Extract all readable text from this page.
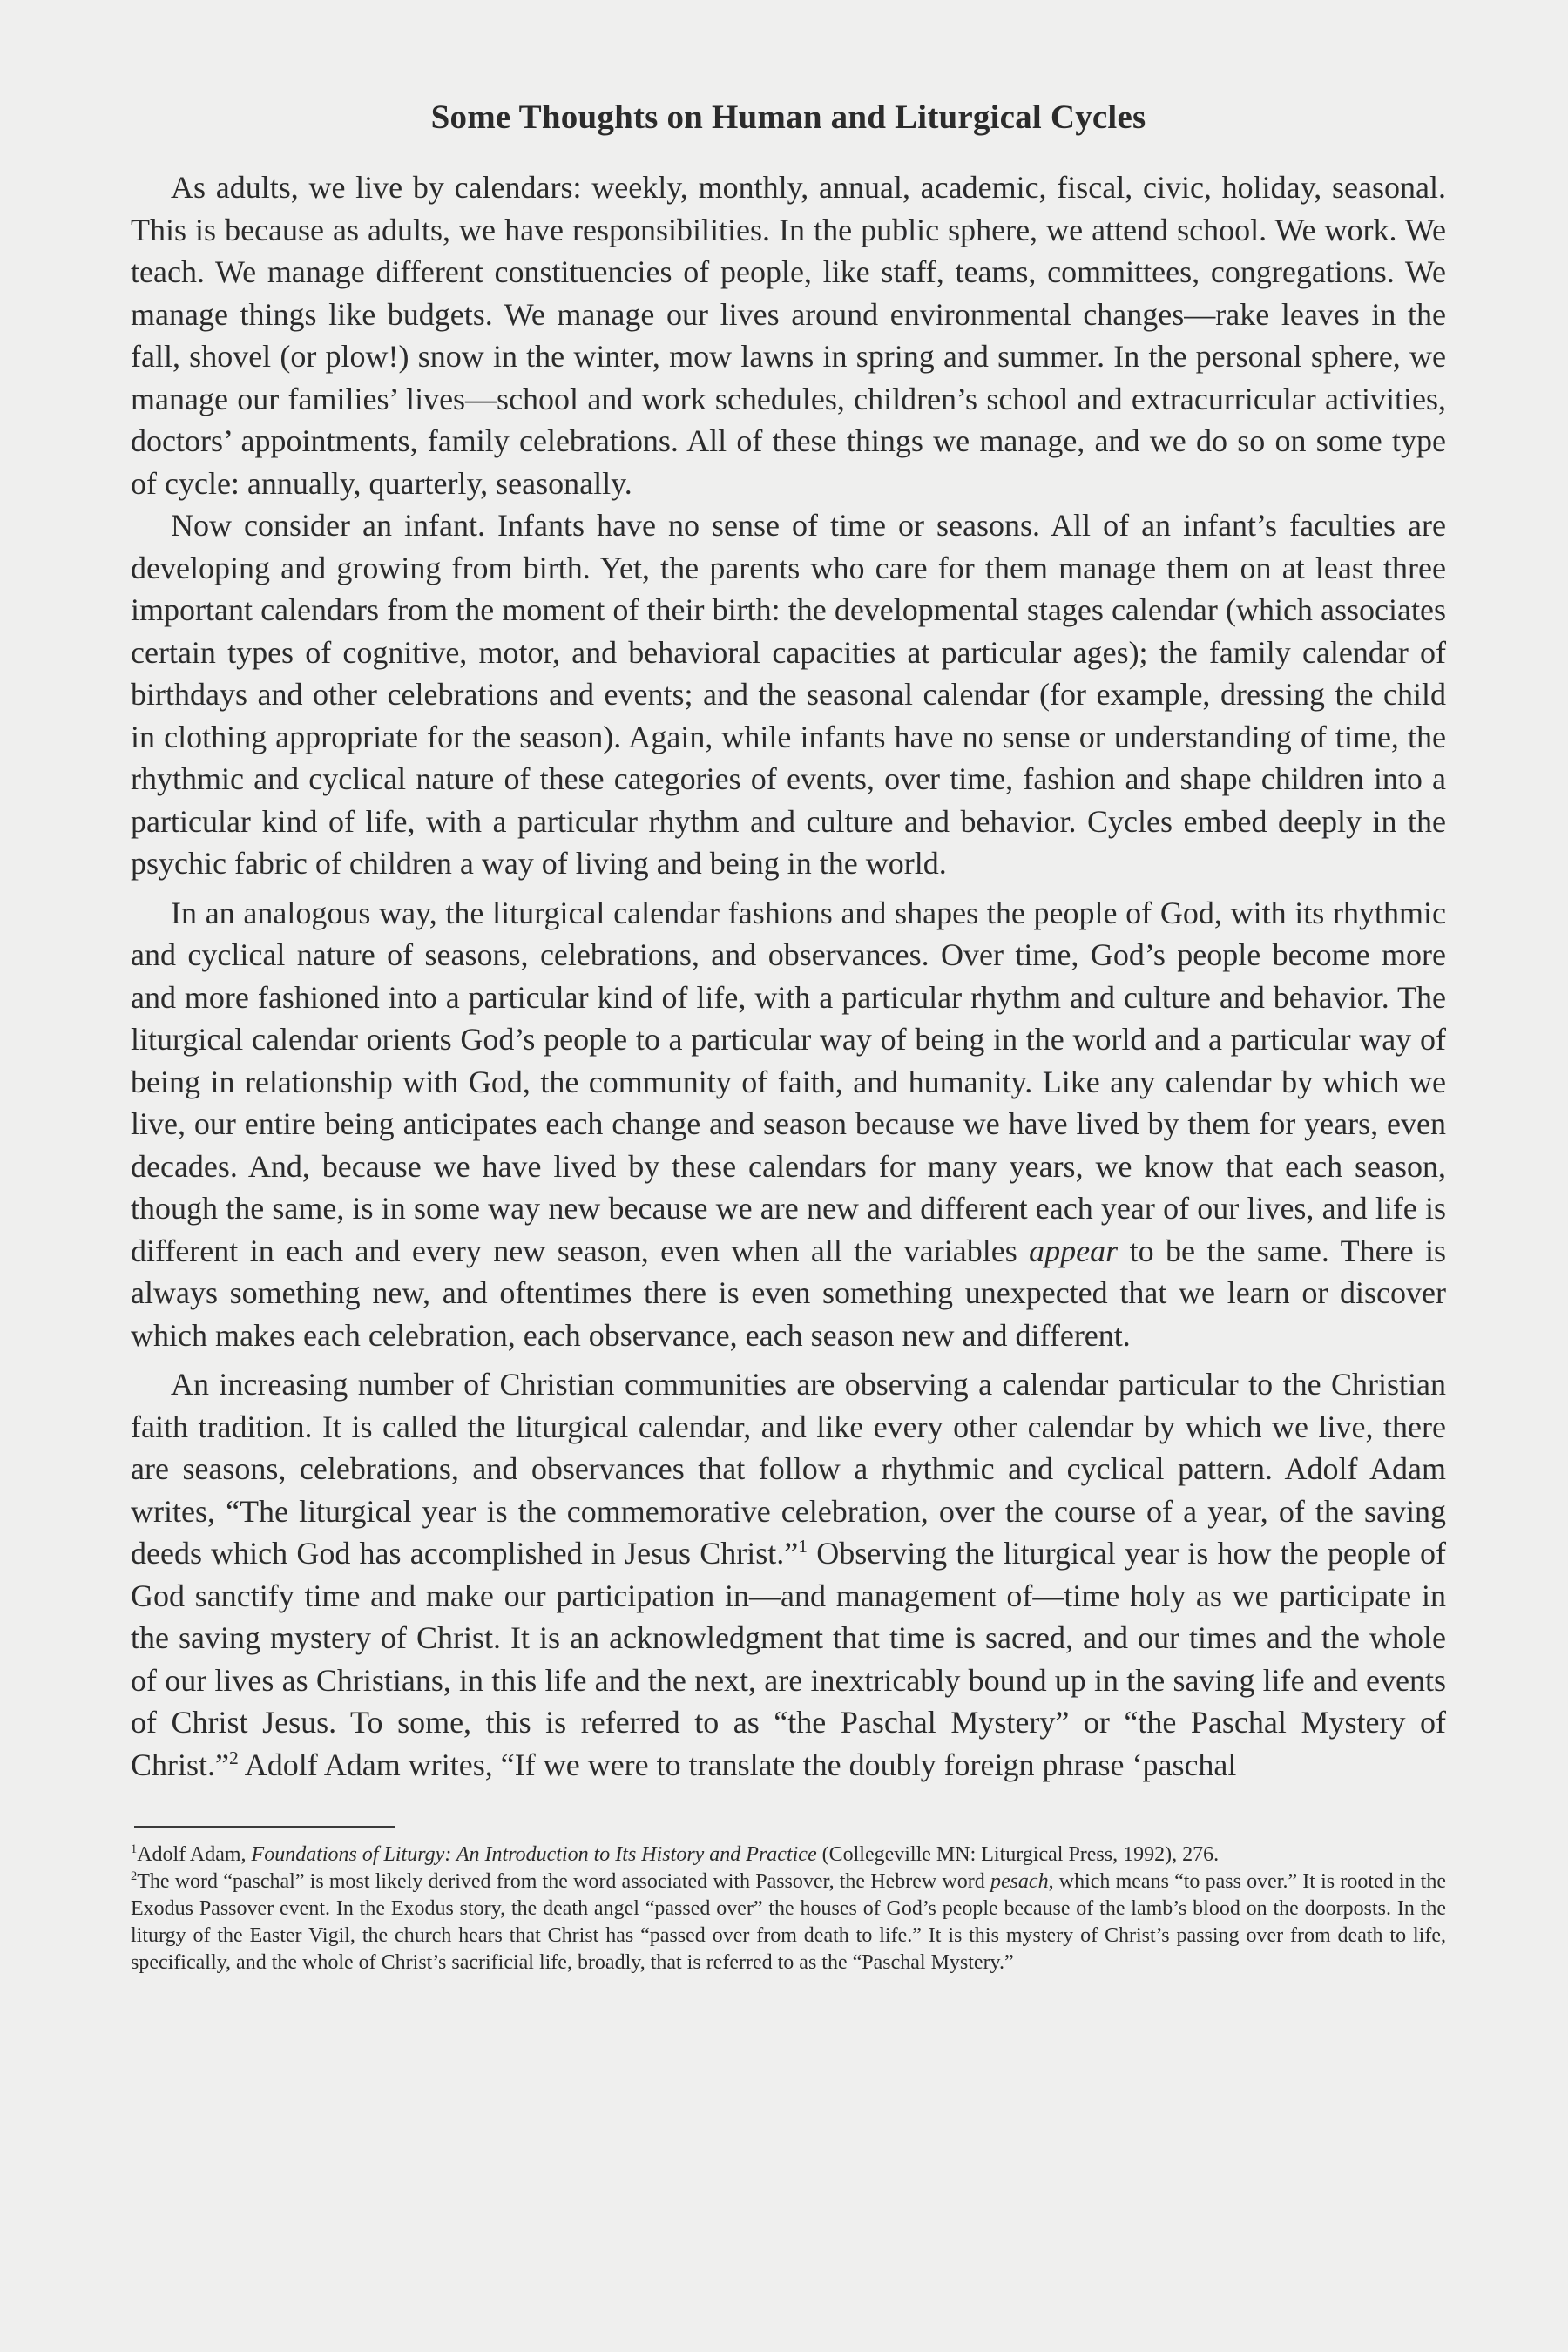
Some Thoughts on Human and Liturgical Cycles

As adults, we live by calendars: weekly, monthly, annual, academic, fiscal, civic, holiday, seasonal. This is because as adults, we have responsibilities. In the public sphere, we attend school. We work. We teach. We manage different constituencies of people, like staff, teams, committees, congregations. We manage things like budgets. We manage our lives around environmental changes—rake leaves in the fall, shovel (or plow!) snow in the winter, mow lawns in spring and summer. In the personal sphere, we manage our families’ lives—school and work schedules, children’s school and extracurricular activities, doctors’ appointments, family celebrations. All of these things we manage, and we do so on some type of cycle: annually, quarterly, seasonally.

Now consider an infant. Infants have no sense of time or seasons. All of an infant’s faculties are developing and growing from birth. Yet, the parents who care for them manage them on at least three important calendars from the moment of their birth: the developmental stages calendar (which associates certain types of cognitive, motor, and behavioral capacities at particular ages); the family calendar of birthdays and other celebrations and events; and the seasonal calendar (for example, dressing the child in clothing appropriate for the season). Again, while infants have no sense or understanding of time, the rhythmic and cyclical nature of these categories of events, over time, fashion and shape children into a particular kind of life, with a particular rhythm and culture and behavior. Cycles embed deeply in the psychic fabric of children a way of living and being in the world.

In an analogous way, the liturgical calendar fashions and shapes the people of God, with its rhythmic and cyclical nature of seasons, celebrations, and observances. Over time, God’s people become more and more fashioned into a particular kind of life, with a particular rhythm and culture and behavior. The liturgical calendar orients God’s people to a particular way of being in the world and a particular way of being in relationship with God, the community of faith, and humanity. Like any calendar by which we live, our entire being anticipates each change and season because we have lived by them for years, even decades. And, because we have lived by these calendars for many years, we know that each season, though the same, is in some way new because we are new and different each year of our lives, and life is different in each and every new season, even when all the variables appear to be the same. There is always something new, and oftentimes there is even something unexpected that we learn or discover which makes each celebration, each observance, each season new and different.

An increasing number of Christian communities are observing a calendar particular to the Christian faith tradition. It is called the liturgical calendar, and like every other calendar by which we live, there are seasons, celebrations, and observances that follow a rhythmic and cyclical pattern. Adolf Adam writes, “The liturgical year is the commemorative celebration, over the course of a year, of the saving deeds which God has accomplished in Jesus Christ.”$^1$ Observing the liturgical year is how the people of God sanctify time and make our participation in—and management of—time holy as we participate in the saving mystery of Christ. It is an acknowledgment that time is sacred, and our times and the whole of our lives as Christians, in this life and the next, are inextricably bound up in the saving life and events of Christ Jesus. To some, this is referred to as “the Paschal Mystery” or “the Paschal Mystery of Christ.”$^2$ Adolf Adam writes, “If we were to translate the doubly foreign phrase ‘paschal

$^1$Adolf Adam, Foundations of Liturgy: An Introduction to Its History and Practice (Collegeville MN: Liturgical Press, 1992), 276.

$^2$The word “paschal” is most likely derived from the word associated with Passover, the Hebrew word pesach, which means “to pass over.” It is rooted in the Exodus Passover event. In the Exodus story, the death angel “passed over” the houses of God’s people because of the lamb’s blood on the doorposts. In the liturgy of the Easter Vigil, the church hears that Christ has “passed over from death to life.” It is this mystery of Christ’s passing over from death to life, specifically, and the whole of Christ’s sacrificial life, broadly, that is referred to as the “Paschal Mystery.”
